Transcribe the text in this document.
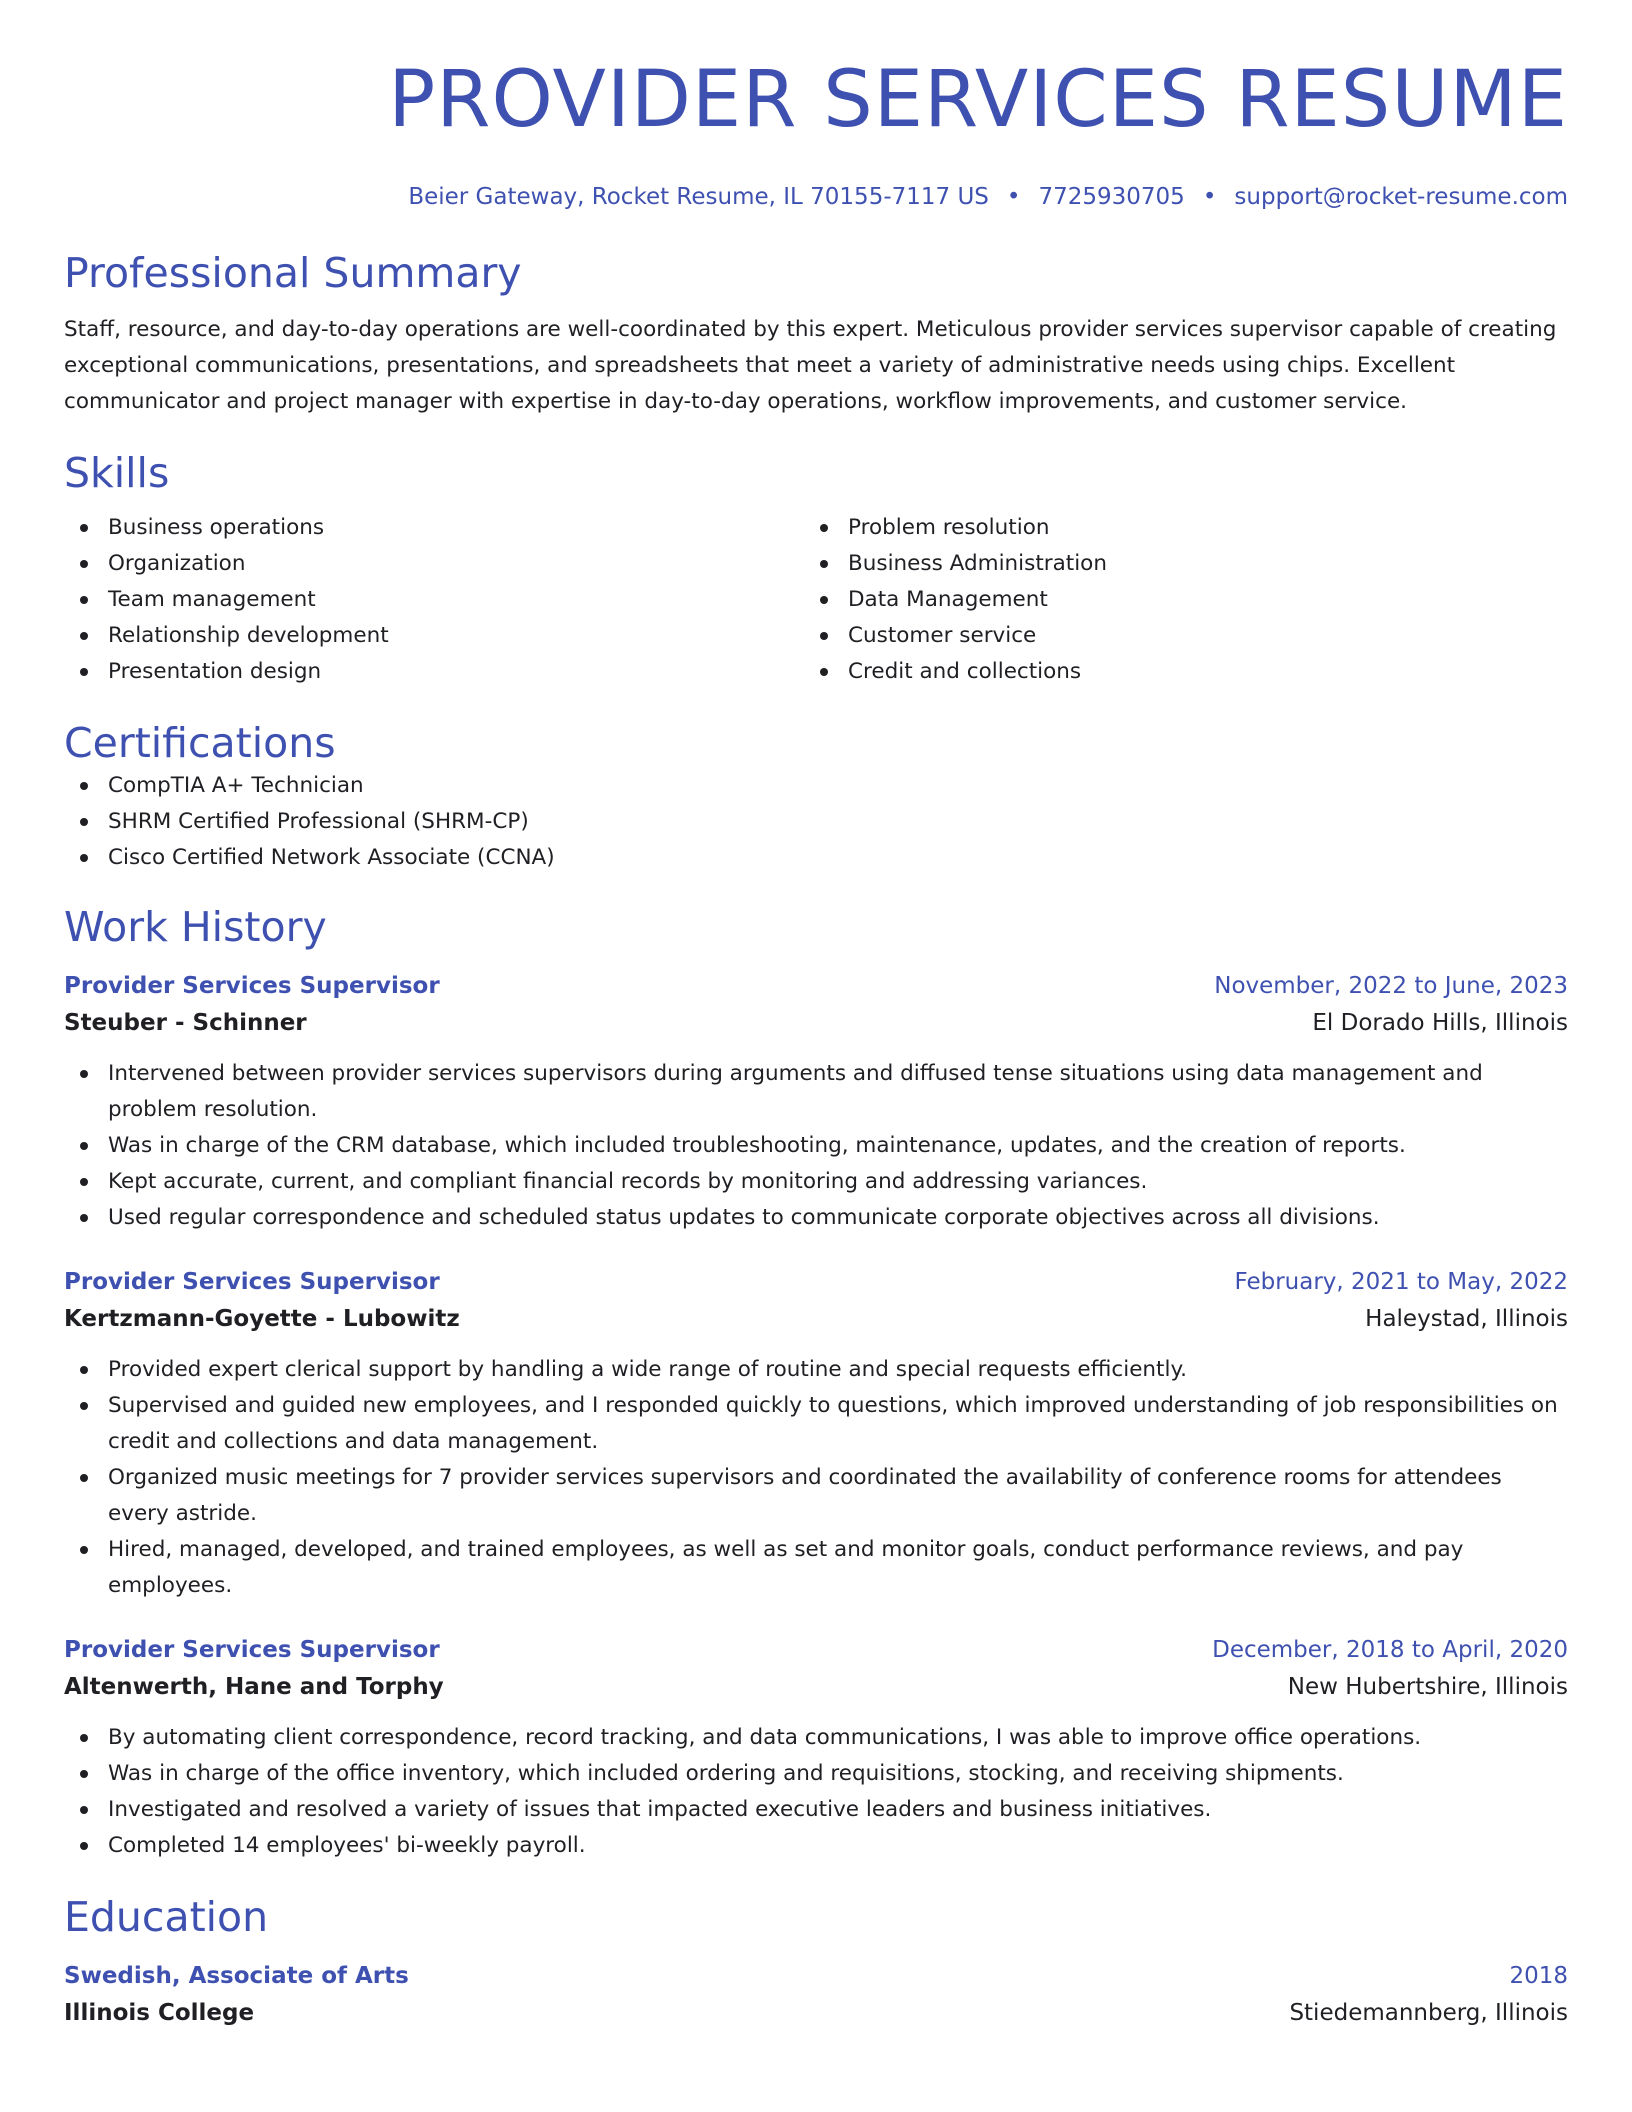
PROVIDER SERVICES RESUME
Beier Gateway, Rocket Resume, IL 70155-7117 US • 7725930705 • support@rocket-resume.com
Professional Summary
Staff, resource, and day-to-day operations are well-coordinated by this expert. Meticulous provider services supervisor capable of creating exceptional communications, presentations, and spreadsheets that meet a variety of administrative needs using chips. Excellent communicator and project manager with expertise in day-to-day operations, workflow improvements, and customer service.
Skills
Business operations
Organization
Team management
Relationship development
Presentation design
Problem resolution
Business Administration
Data Management
Customer service
Credit and collections
Certifications
CompTIA A+ Technician
SHRM Certified Professional (SHRM-CP)
Cisco Certified Network Associate (CCNA)
Work History
Provider Services Supervisor	November, 2022 to June, 2023
Steuber - Schinner	El Dorado Hills, Illinois
Intervened between provider services supervisors during arguments and diffused tense situations using data management and problem resolution.
Was in charge of the CRM database, which included troubleshooting, maintenance, updates, and the creation of reports.
Kept accurate, current, and compliant financial records by monitoring and addressing variances.
Used regular correspondence and scheduled status updates to communicate corporate objectives across all divisions.
Provider Services Supervisor	February, 2021 to May, 2022
Kertzmann-Goyette - Lubowitz	Haleystad, Illinois
Provided expert clerical support by handling a wide range of routine and special requests efficiently.
Supervised and guided new employees, and I responded quickly to questions, which improved understanding of job responsibilities on credit and collections and data management.
Organized music meetings for 7 provider services supervisors and coordinated the availability of conference rooms for attendees every astride.
Hired, managed, developed, and trained employees, as well as set and monitor goals, conduct performance reviews, and pay employees.
Provider Services Supervisor	December, 2018 to April, 2020
Altenwerth, Hane and Torphy	New Hubertshire, Illinois
By automating client correspondence, record tracking, and data communications, I was able to improve office operations.
Was in charge of the office inventory, which included ordering and requisitions, stocking, and receiving shipments.
Investigated and resolved a variety of issues that impacted executive leaders and business initiatives.
Completed 14 employees' bi-weekly payroll.
Education
Swedish, Associate of Arts	2018
Illinois College	Stiedemannberg, Illinois
